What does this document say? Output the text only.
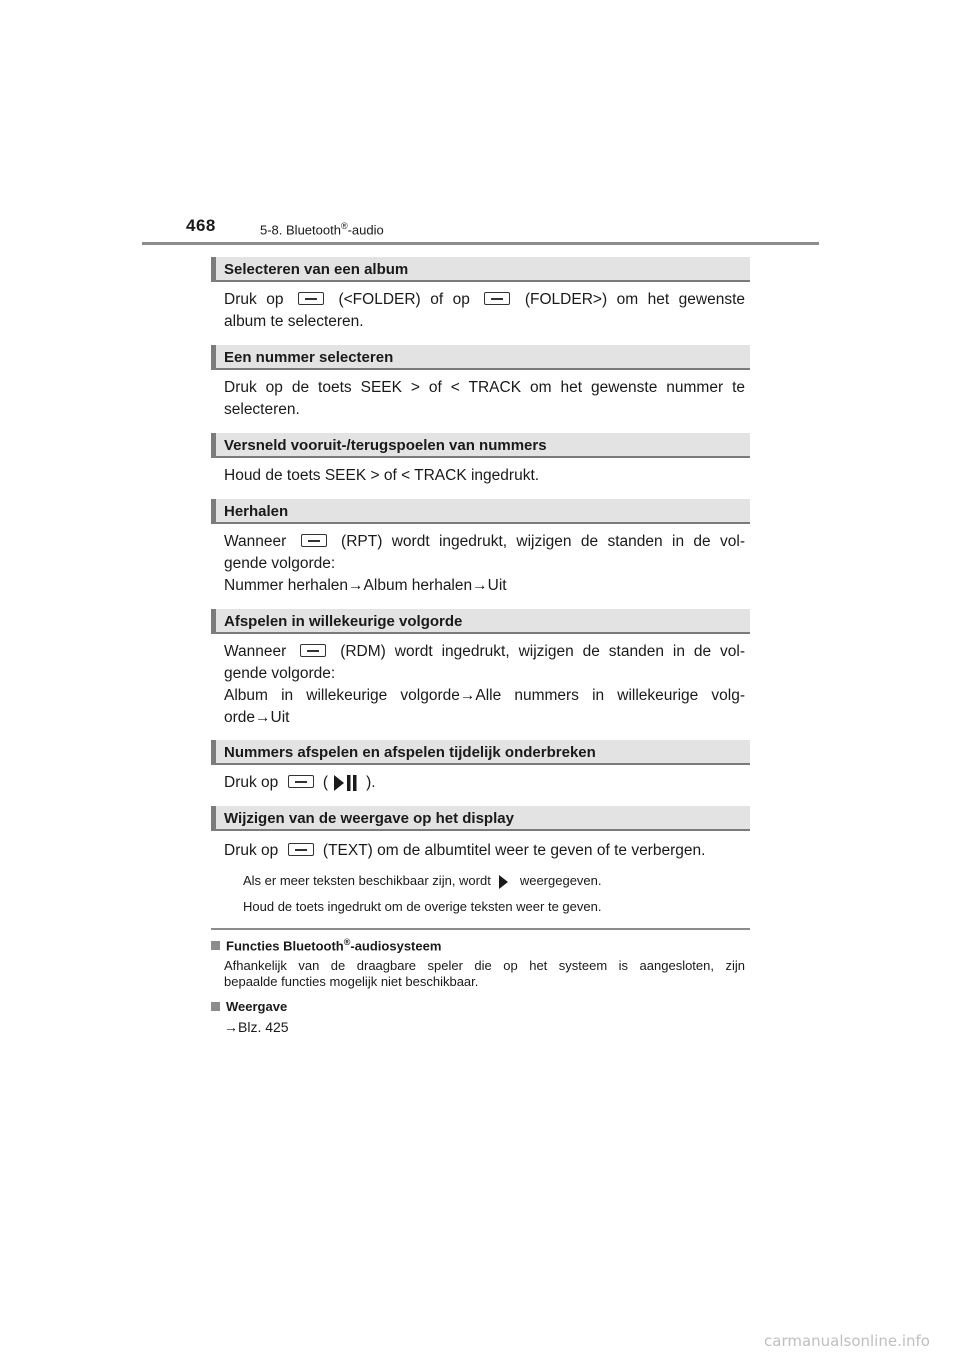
468	5-8. Bluetooth®-audio
Selecteren van een album
Druk op	(<FOLDER) of op	(FOLDER>) om het gewenste
album te selecteren.
Een nummer selecteren
Druk op de toets SEEK > of < TRACK om het gewenste nummer te
selecteren.
Versneld vooruit-/terugspoelen van nummers
Houd de toets SEEK > of < TRACK ingedrukt.
Herhalen
Wanneer	(RPT) wordt ingedrukt, wijzigen de standen in de vol-
gende volgorde:
Nummer herhalen→Album herhalen→Uit
Afspelen in willekeurige volgorde
Wanneer	(RDM) wordt ingedrukt, wijzigen de standen in de vol-
gende volgorde:
Album in willekeurige volgorde→Alle nummers in willekeurige volg-
orde→Uit
Nummers afspelen en afspelen tijdelijk onderbreken
Druk op	( ).
Wijzigen van de weergave op het display
Druk op	(TEXT) om de albumtitel weer te geven of te verbergen.
Als er meer teksten beschikbaar zijn, wordt weergegeven.
Houd de toets ingedrukt om de overige teksten weer te geven.
Functies Bluetooth®-audiosysteem
Afhankelijk van de draagbare speler die op het systeem is aangesloten, zijn
bepaalde functies mogelijk niet beschikbaar.
Weergave
→Blz. 425
carmanualsonline.info
